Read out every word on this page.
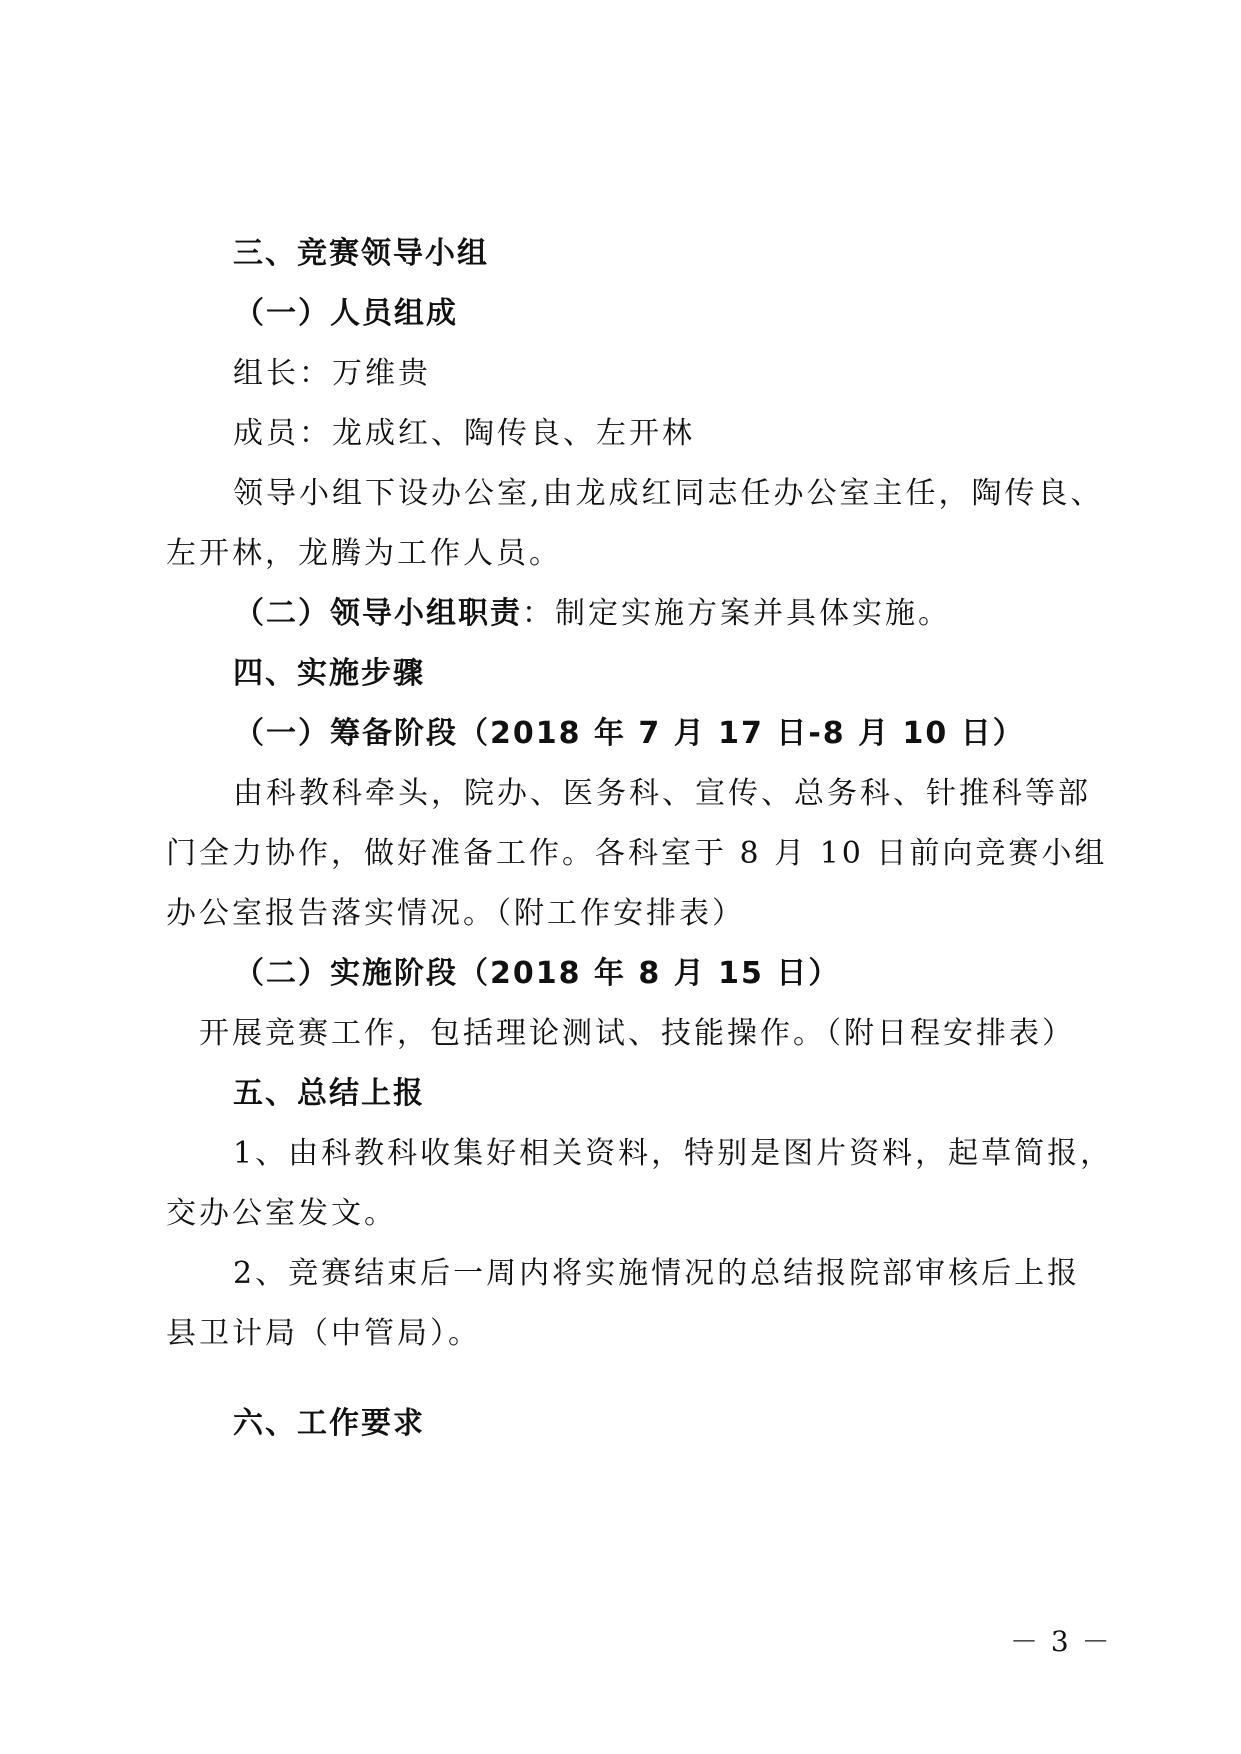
三、竞赛领导小组
（一）人员组成
组长：万维贵
成员：龙成红、陶传良、左开林
领导小组下设办公室,由龙成红同志任办公室主任，陶传良、
左开林，龙腾为工作人员。
（二）领导小组职责：制定实施方案并具体实施。
四、实施步骤
（一）筹备阶段（2018 年 7 月 17 日-8 月 10 日）
由科教科牵头，院办、医务科、宣传、总务科、针推科等部
门全力协作，做好准备工作。各科室于 8 月 10 日前向竞赛小组
办公室报告落实情况。（附工作安排表）
（二）实施阶段（2018 年 8 月 15 日）
开展竞赛工作，包括理论测试、技能操作。（附日程安排表）
五、总结上报
1、由科教科收集好相关资料，特别是图片资料，起草简报，
交办公室发文。
2、竞赛结束后一周内将实施情况的总结报院部审核后上报
县卫计局（中管局）。
六、工作要求
－ 3 －
